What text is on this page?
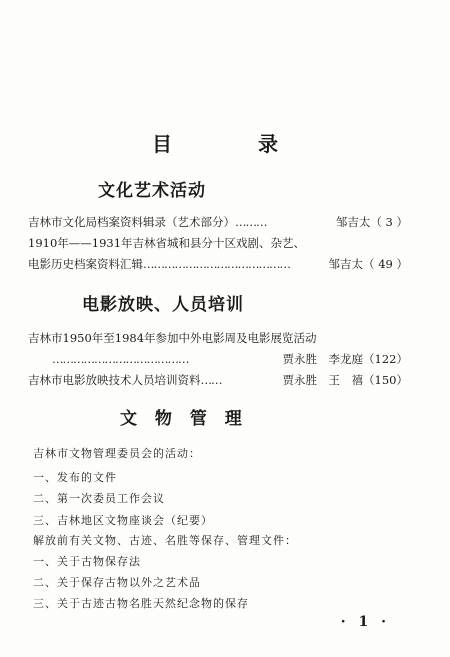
目	录
文化艺术活动
吉林市文化局档案资料辑录（艺术部分）………	邹吉太（ 3 ）
1910年——1931年吉林省城和县分十区戏剧、杂艺、
电影历史档案资料汇辑……………………………………	邹吉太（ 49 ）
电影放映、人员培训
吉林市1950年至1984年参加中外电影周及电影展览活动
…………………………………	贾永胜　李龙庭（122）
吉林市电影放映技术人员培训资料……	贾永胜　王　禧（150）
文 物 管 理
吉林市文物管理委员会的活动：
一、发布的文件
二、第一次委员工作会议
三、吉林地区文物座谈会（纪要）
解放前有关文物、古迹、名胜等保存、管理文件：
一、关于古物保存法
二、关于保存古物以外之艺术品
三、关于古迹古物名胜天然纪念物的保存
· 1 ·
